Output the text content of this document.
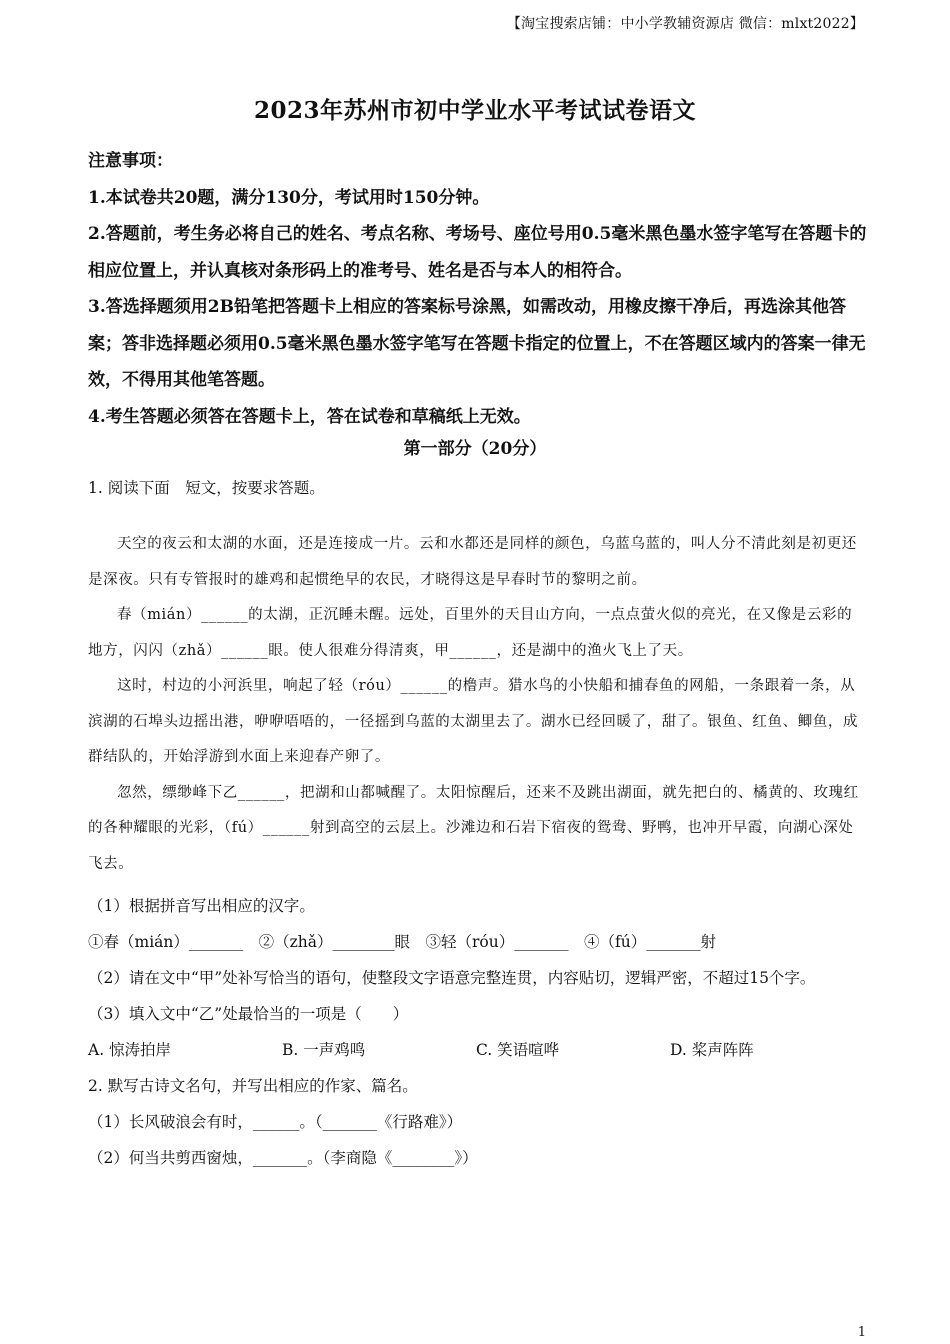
【淘宝搜索店铺：中小学教辅资源店 微信：mlxt2022】
2023年苏州市初中学业水平考试试卷语文

注意事项：

1.本试卷共20题，满分130分，考试用时150分钟。

2.答题前，考生务必将自己的姓名、考点名称、考场号、座位号用0.5毫米黑色墨水签字笔写在答题卡的相应位置上，并认真核对条形码上的准考号、姓名是否与本人的相符合。

3.答选择题须用2B铅笔把答题卡上相应的答案标号涂黑，如需改动，用橡皮擦干净后，再选涂其他答案；答非选择题必须用0.5毫米黑色墨水签字笔写在答题卡指定的位置上，不在答题区域内的答案一律无效，不得用其他笔答题。

4.考生答题必须答在答题卡上，答在试卷和草稿纸上无效。

第一部分（20分）

1. 阅读下面　短文，按要求答题。

天空的夜云和太湖的水面，还是连接成一片。云和水都还是同样的颜色，乌蓝乌蓝的，叫人分不清此刻是初更还是深夜。只有专管报时的雄鸡和起惯绝早的农民，才晓得这是早春时节的黎明之前。

春（mián）______的太湖，正沉睡未醒。远处，百里外的天目山方向，一点点萤火似的亮光，在又像是云彩的地方，闪闪（zhǎ）______眼。使人很难分得清爽，甲______，还是湖中的渔火飞上了天。

这时，村边的小河浜里，响起了轻（róu）______的橹声。猎水鸟的小快船和捕春鱼的网船，一条跟着一条，从滨湖的石埠头边摇出港，咿咿唔唔的，一径摇到乌蓝的太湖里去了。湖水已经回暖了，甜了。银鱼、红鱼、鲫鱼，成群结队的，开始浮游到水面上来迎春产卵了。

忽然，缥缈峰下乙______，把湖和山都喊醒了。太阳惊醒后，还来不及跳出湖面，就先把白的、橘黄的、玫瑰红的各种耀眼的光彩，（fú）______射到高空的云层上。沙滩边和石岩下宿夜的鸳鸯、野鸭，也冲开早霞，向湖心深处飞去。

（1）根据拼音写出相应的汉字。

①春（mián）_______　②（zhǎ）________眼　③轻（róu）_______　④（fú）_______射

（2）请在文中“甲”处补写恰当的语句，使整段文字语意完整连贯，内容贴切，逻辑严密，不超过15个字。

（3）填入文中“乙”处最恰当的一项是（　　）

A. 惊涛拍岸	B. 一声鸡鸣	C. 笑语喧哗	D. 桨声阵阵

2. 默写古诗文名句，并写出相应的作家、篇名。

（1）长风破浪会有时，______。（_______《行路难》）

（2）何当共剪西窗烛，_______。（李商隐《________》）

1
